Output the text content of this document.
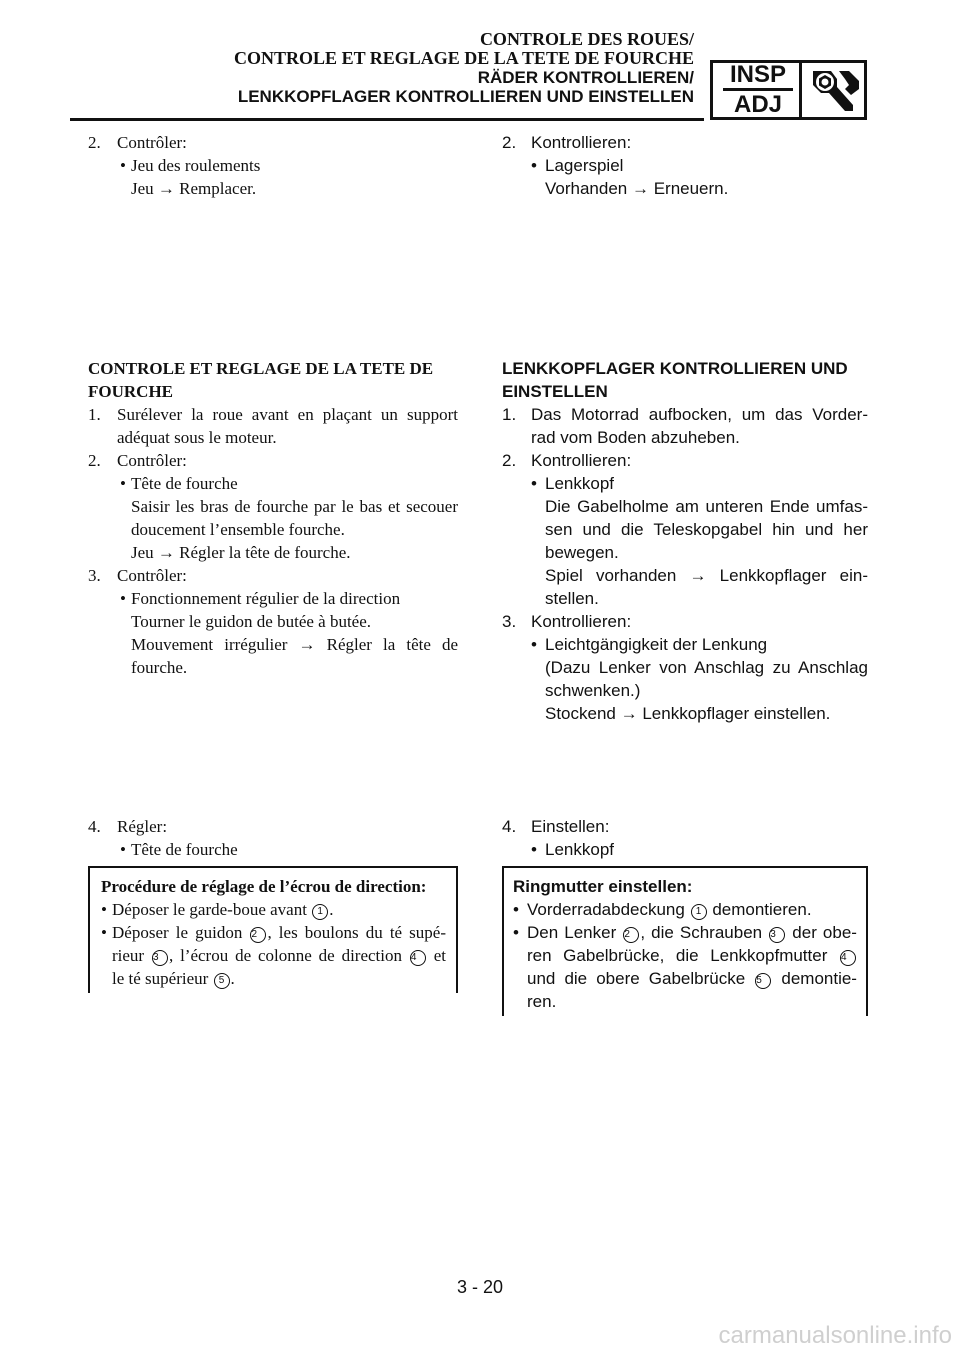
CONTROLE DES ROUES/
CONTROLE ET REGLAGE DE LA TETE DE FOURCHE
RÄDER KONTROLLIEREN/
LENKKOPFLAGER KONTROLLIEREN UND EINSTELLEN
INSP
ADJ
2. Contrôler:
• Jeu des roulements
Jeu → Remplacer.
CONTROLE ET REGLAGE DE LA TETE DE
FOURCHE
1. Surélever la roue avant en plaçant un support
adéquat sous le moteur.
2. Contrôler:
• Tête de fourche
Saisir les bras de fourche par le bas et secouer
doucement l’ensemble fourche.
Jeu → Régler la tête de fourche.
3. Contrôler:
• Fonctionnement régulier de la direction
Tourner le guidon de butée à butée.
Mouvement irrégulier → Régler la tête de
fourche.
4. Régler:
• Tête de fourche
Procédure de réglage de l’écrou de direction:
• Déposer le garde-boue avant 1 .
• Déposer le guidon 2 , les boulons du té supé-
rieur 3 , l’écrou de colonne de direction 4 et
le té supérieur 5 .
2. Kontrollieren:
• Lagerspiel
Vorhanden → Erneuern.
LENKKOPFLAGER KONTROLLIEREN UND
EINSTELLEN
1. Das Motorrad aufbocken, um das Vorder-
rad vom Boden abzuheben.
2. Kontrollieren:
• Lenkkopf
Die Gabelholme am unteren Ende umfas-
sen und die Teleskopgabel hin und her
bewegen.
Spiel vorhanden → Lenkkopflager ein-
stellen.
3. Kontrollieren:
• Leichtgängigkeit der Lenkung
(Dazu Lenker von Anschlag zu Anschlag
schwenken.)
Stockend → Lenkkopflager einstellen.
4. Einstellen:
• Lenkkopf
Ringmutter einstellen:
• Vorderradabdeckung 1 demontieren.
• Den Lenker 2 , die Schrauben 3 der obe-
ren Gabelbrücke, die Lenkkopfmutter 4
und die obere Gabelbrücke 5 demontie-
ren.
3 - 20
carmanualsonline.info
